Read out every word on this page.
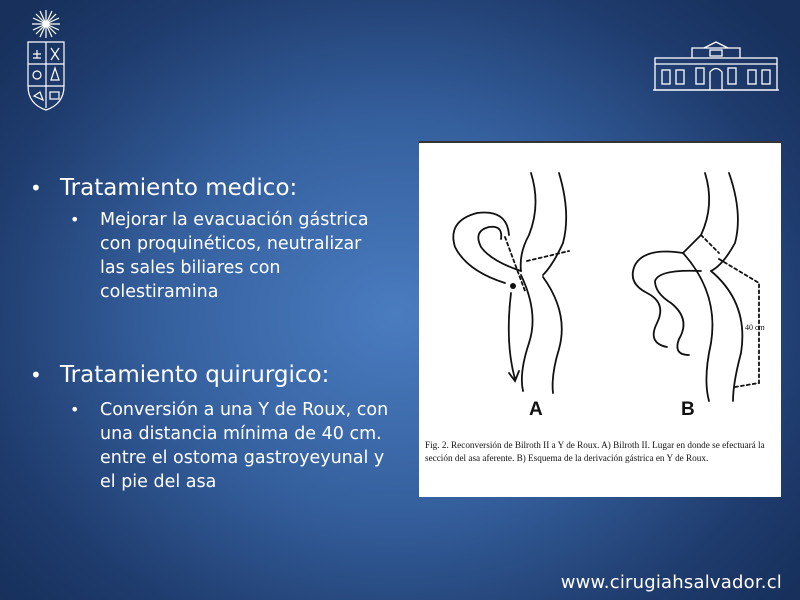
• Tratamiento medico:
• Mejorar la evacuación gástrica con proquinéticos, neutralizar las sales biliares con colestiramina
• Tratamiento quirurgico:
• Conversión a una Y de Roux, con una distancia mínima de 40 cm. entre el ostoma gastroyeyunal y el pie del asa
A	B
40 cm
Fig. 2. Reconversión de Bilroth II a Y de Roux. A) Bilroth II. Lugar en donde se efectuará la sección del asa aferente. B) Esquema de la derivación gástrica en Y de Roux.
www.cirugiahsalvador.cl
